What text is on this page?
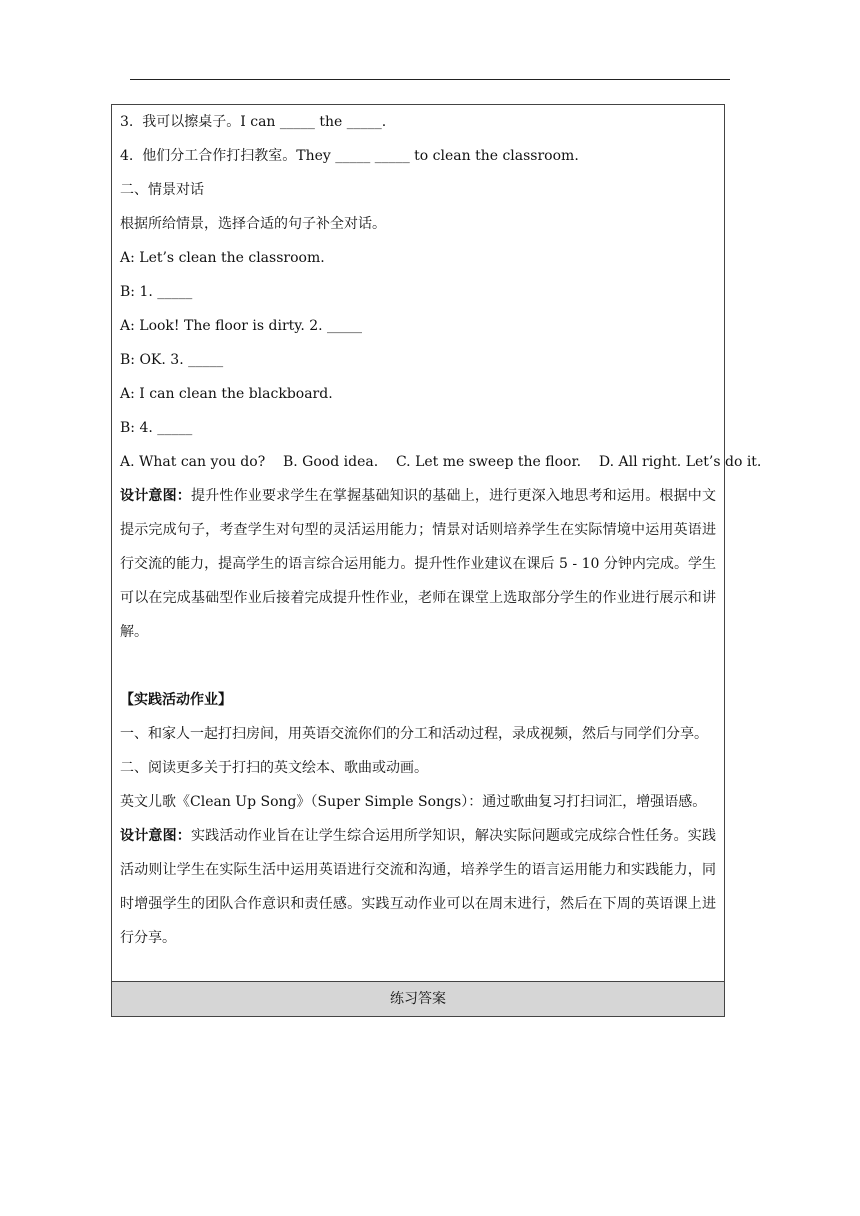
3.  我可以擦桌子。I can _____ the _____.
4.  他们分工合作打扫教室。They _____ _____ to clean the classroom.
二、情景对话
根据所给情景，选择合适的句子补全对话。
A: Let’s clean the classroom.
B: 1. _____
A: Look! The floor is dirty. 2. _____
B: OK. 3. _____
A: I can clean the blackboard.
B: 4. _____
A. What can you do?    B. Good idea.    C. Let me sweep the floor.    D. All right. Let’s do it.
设计意图：提升性作业要求学生在掌握基础知识的基础上，进行更深入地思考和运用。根据中文提示完成句子，考查学生对句型的灵活运用能力；情景对话则培养学生在实际情境中运用英语进行交流的能力，提高学生的语言综合运用能力。提升性作业建议在课后 5 - 10 分钟内完成。学生可以在完成基础型作业后接着完成提升性作业，老师在课堂上选取部分学生的作业进行展示和讲解。
【实践活动作业】
一、和家人一起打扫房间，用英语交流你们的分工和活动过程，录成视频，然后与同学们分享。
二、阅读更多关于打扫的英文绘本、歌曲或动画。
英文儿歌《Clean Up Song》（Super Simple Songs）：通过歌曲复习打扫词汇，增强语感。
设计意图：实践活动作业旨在让学生综合运用所学知识，解决实际问题或完成综合性任务。实践活动则让学生在实际生活中运用英语进行交流和沟通，培养学生的语言运用能力和实践能力，同时增强学生的团队合作意识和责任感。实践互动作业可以在周末进行，然后在下周的英语课上进行分享。
练习答案
